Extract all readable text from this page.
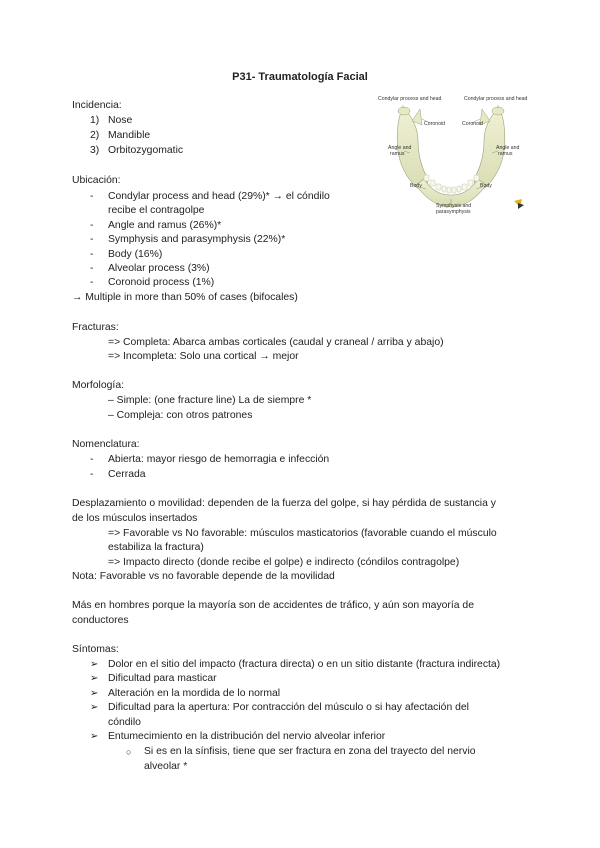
P31- Traumatología Facial
Incidencia:
1) Nose
2) Mandible
3) Orbitozygomatic
Ubicación:
- Condylar process and head (29%)* → el cóndilo
recibe el contragolpe
- Angle and ramus (26%)*
- Symphysis and parasymphysis (22%)*
- Body (16%)
- Alveolar process (3%)
- Coronoid process (1%)
→ Multiple in more than 50% of cases (bifocales)
Condylar process and head	Condylar process and head
Coronoid	Coronoid
Angle and
ramus
Angle and
ramus
Body	Body
Symphysis and
parasymphysis
Fracturas:
=> Completa: Abarca ambas corticales (caudal y craneal / arriba y abajo)
=> Incompleta: Solo una cortical → mejor
Morfología:
– Simple: (one fracture line) La de siempre *
– Compleja: con otros patrones
Nomenclatura:
- Abierta: mayor riesgo de hemorragia e infección
- Cerrada
Desplazamiento o movilidad: dependen de la fuerza del golpe, si hay pérdida de sustancia y
de los músculos insertados
=> Favorable vs No favorable: músculos masticatorios (favorable cuando el músculo
estabiliza la fractura)
=> Impacto directo (donde recibe el golpe) e indirecto (cóndilos contragolpe)
Nota: Favorable vs no favorable depende de la movilidad
Más en hombres porque la mayoría son de accidentes de tráfico, y aún son mayoría de
conductores
Síntomas:
➢ Dolor en el sitio del impacto (fractura directa) o en un sitio distante (fractura indirecta)
➢ Dificultad para masticar
➢ Alteración en la mordida de lo normal
➢ Dificultad para la apertura: Por contracción del músculo o si hay afectación del
cóndilo
➢ Entumecimiento en la distribución del nervio alveolar inferior
○ Si es en la sínfisis, tiene que ser fractura en zona del trayecto del nervio
alveolar *
